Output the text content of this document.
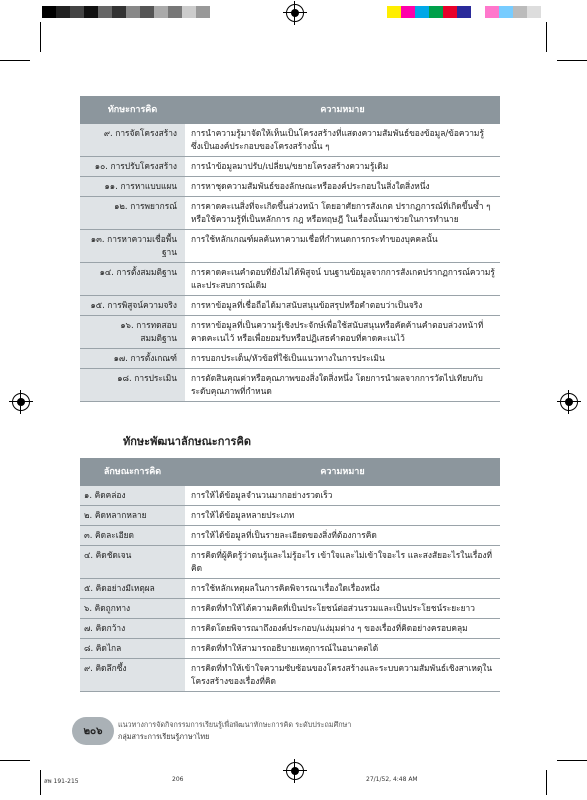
ทักษะการคิด	ความหมาย
๙. การจัดโครงสร้าง	การนำความรู้มาจัดให้เห็นเป็นโครงสร้างที่แสดงความสัมพันธ์ของข้อมูล/ข้อความรู้ ซึ่งเป็นองค์ประกอบของโครงสร้างนั้น ๆ
๑๐. การปรับโครงสร้าง	การนำข้อมูลมาปรับ/เปลี่ยน/ขยายโครงสร้างความรู้เดิม
๑๑. การหาแบบแผน	การหาชุดความสัมพันธ์ของลักษณะหรือองค์ประกอบในสิ่งใดสิ่งหนึ่ง
๑๒. การพยากรณ์	การคาดคะเนสิ่งที่จะเกิดขึ้นล่วงหน้า โดยอาศัยการสังเกต ปรากฏการณ์ที่เกิดขึ้นซ้ำ ๆ หรือใช้ความรู้ที่เป็นหลักการ กฎ หรือทฤษฎี ในเรื่องนั้นมาช่วยในการทำนาย
๑๓. การหาความเชื่อพื้นฐาน	การใช้หลักเกณฑ์ผลค้นหาความเชื่อที่กำหนดการกระทำของบุคคลนั้น
๑๔. การตั้งสมมติฐาน	การคาดคะเนคำตอบที่ยังไม่ได้พิสูจน์ บนฐานข้อมูลจากการสังเกตปรากฏการณ์ความรู้และประสบการณ์เดิม
๑๕. การพิสูจน์ความจริง	การหาข้อมูลที่เชื่อถือได้มาสนับสนุนข้อสรุปหรือคำตอบว่าเป็นจริง
๑๖. การทดสอบสมมติฐาน	การหาข้อมูลที่เป็นความรู้เชิงประจักษ์เพื่อใช้สนับสนุนหรือคัดค้านคำตอบล่วงหน้าที่คาดคะเนไว้ หรือเพื่อยอมรับหรือปฏิเสธคำตอบที่คาดคะเนไว้
๑๗. การตั้งเกณฑ์	การบอกประเด็น/หัวข้อที่ใช้เป็นแนวทางในการประเมิน
๑๘. การประเมิน	การตัดสินคุณค่าหรือคุณภาพของสิ่งใดสิ่งหนึ่ง โดยการนำผลจากการวัดไปเทียบกับระดับคุณภาพที่กำหนด
ทักษะพัฒนาลักษณะการคิด
ลักษณะการคิด	ความหมาย
๑. คิดคล่อง	การให้ได้ข้อมูลจำนวนมากอย่างรวดเร็ว
๒. คิดหลากหลาย	การให้ได้ข้อมูลหลายประเภท
๓. คิดละเอียด	การให้ได้ข้อมูลที่เป็นรายละเอียดของสิ่งที่ต้องการคิด
๔. คิดชัดเจน	การคิดที่ผู้คิดรู้ว่าตนรู้และไม่รู้อะไร เข้าใจและไม่เข้าใจอะไร และสงสัยอะไรในเรื่องที่คิด
๕. คิดอย่างมีเหตุผล	การใช้หลักเหตุผลในการคิดพิจารณาเรื่องใดเรื่องหนึ่ง
๖. คิดถูกทาง	การคิดที่ทำให้ได้ความคิดที่เป็นประโยชน์ต่อส่วนรวมและเป็นประโยชน์ระยะยาว
๗. คิดกว้าง	การคิดโดยพิจารณาถึงองค์ประกอบ/แง่มุมต่าง ๆ ของเรื่องที่คิดอย่างครอบคลุม
๘. คิดไกล	การคิดที่ทำให้สามารถอธิบายเหตุการณ์ในอนาคตได้
๙. คิดลึกซึ้ง	การคิดที่ทำให้เข้าใจความซับซ้อนของโครงสร้างและระบบความสัมพันธ์เชิงสาเหตุในโครงสร้างของเรื่องที่คิด
๒๐๖
แนวทางการจัดกิจกรรมการเรียนรู้เพื่อพัฒนาทักษะการคิด ระดับประถมศึกษา
กลุ่มสาระการเรียนรู้ภาษาไทย
สพ 191-215	206	27/1/52, 4:48 AM
